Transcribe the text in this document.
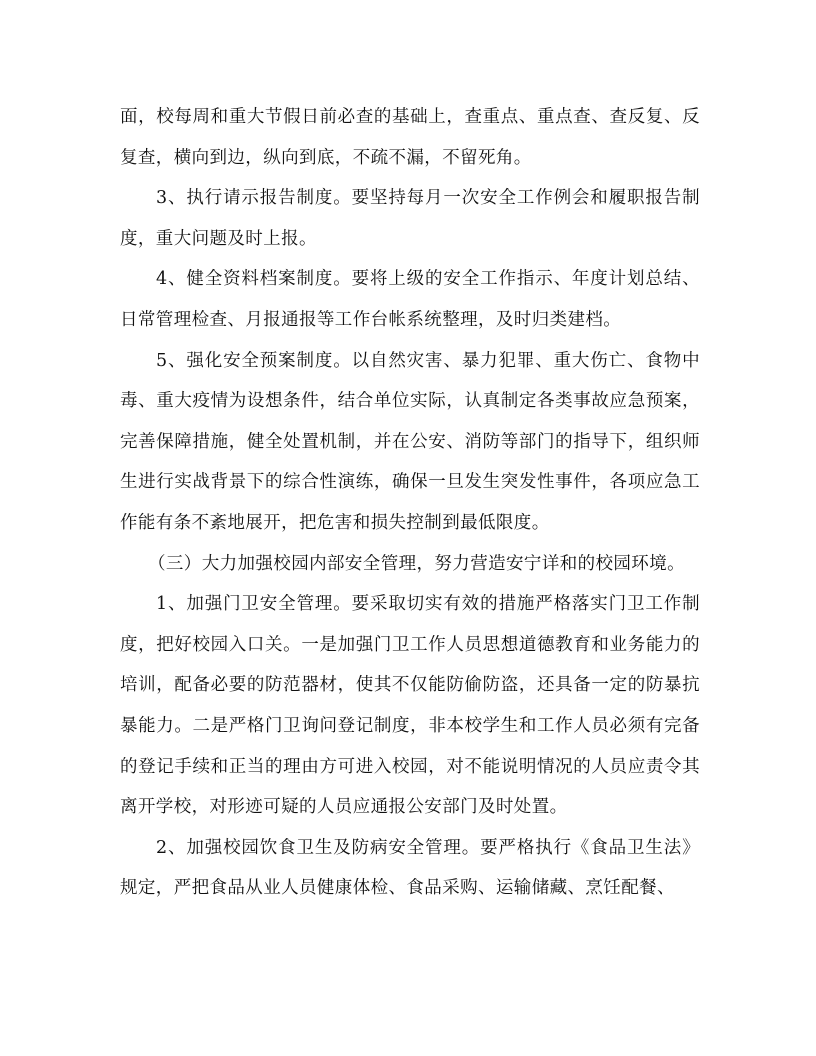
面，校每周和重大节假日前必查的基础上，查重点、重点查、查反复、反复查，横向到边，纵向到底，不疏不漏，不留死角。

3、执行请示报告制度。要坚持每月一次安全工作例会和履职报告制度，重大问题及时上报。

4、健全资料档案制度。要将上级的安全工作指示、年度计划总结、日常管理检查、月报通报等工作台帐系统整理，及时归类建档。

5、强化安全预案制度。以自然灾害、暴力犯罪、重大伤亡、食物中毒、重大疫情为设想条件，结合单位实际，认真制定各类事故应急预案，完善保障措施，健全处置机制，并在公安、消防等部门的指导下，组织师生进行实战背景下的综合性演练，确保一旦发生突发性事件，各项应急工作能有条不紊地展开，把危害和损失控制到最低限度。

（三）大力加强校园内部安全管理，努力营造安宁详和的校园环境。

1、加强门卫安全管理。要采取切实有效的措施严格落实门卫工作制度，把好校园入口关。一是加强门卫工作人员思想道德教育和业务能力的培训，配备必要的防范器材，使其不仅能防偷防盗，还具备一定的防暴抗暴能力。二是严格门卫询问登记制度，非本校学生和工作人员必须有完备的登记手续和正当的理由方可进入校园，对不能说明情况的人员应责令其离开学校，对形迹可疑的人员应通报公安部门及时处置。

2、加强校园饮食卫生及防病安全管理。要严格执行《食品卫生法》规定，严把食品从业人员健康体检、食品采购、运输储藏、烹饪配餐、
